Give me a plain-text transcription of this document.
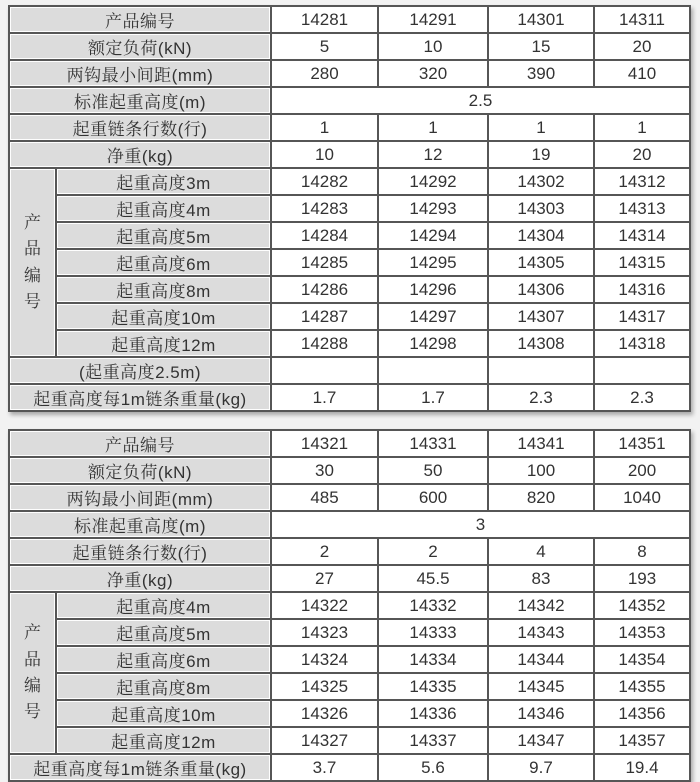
产品编号		14281	14291	14301	14311
额定负荷(kN)		5	10	15	20
两钩最小间距(mm)		280	320	390	410
标准起重高度(m)		2.5			
起重链条行数(行)		1	1	1	1
净重(kg)		10	12	19	20
产品编号	起重高度3m	14282	14292	14302	14312
	起重高度4m	14283	14293	14303	14313
	起重高度5m	14284	14294	14304	14314
	起重高度6m	14285	14295	14305	14315
	起重高度8m	14286	14296	14306	14316
	起重高度10m	14287	14297	14307	14317
	起重高度12m	14288	14298	14308	14318
(起重高度2.5m)					
起重高度每1m链条重量(kg)		1.7	1.7	2.3	2.3
产品编号		14321	14331	14341	14351
额定负荷(kN)		30	50	100	200
两钩最小间距(mm)		485	600	820	1040
标准起重高度(m)		3			
起重链条行数(行)		2	2	4	8
净重(kg)		27	45.5	83	193
产品编号	起重高度4m	14322	14332	14342	14352
	起重高度5m	14323	14333	14343	14353
	起重高度6m	14324	14334	14344	14354
	起重高度8m	14325	14335	14345	14355
	起重高度10m	14326	14336	14346	14356
	起重高度12m	14327	14337	14347	14357
起重高度每1m链条重量(kg)		3.7	5.6	9.7	19.4
